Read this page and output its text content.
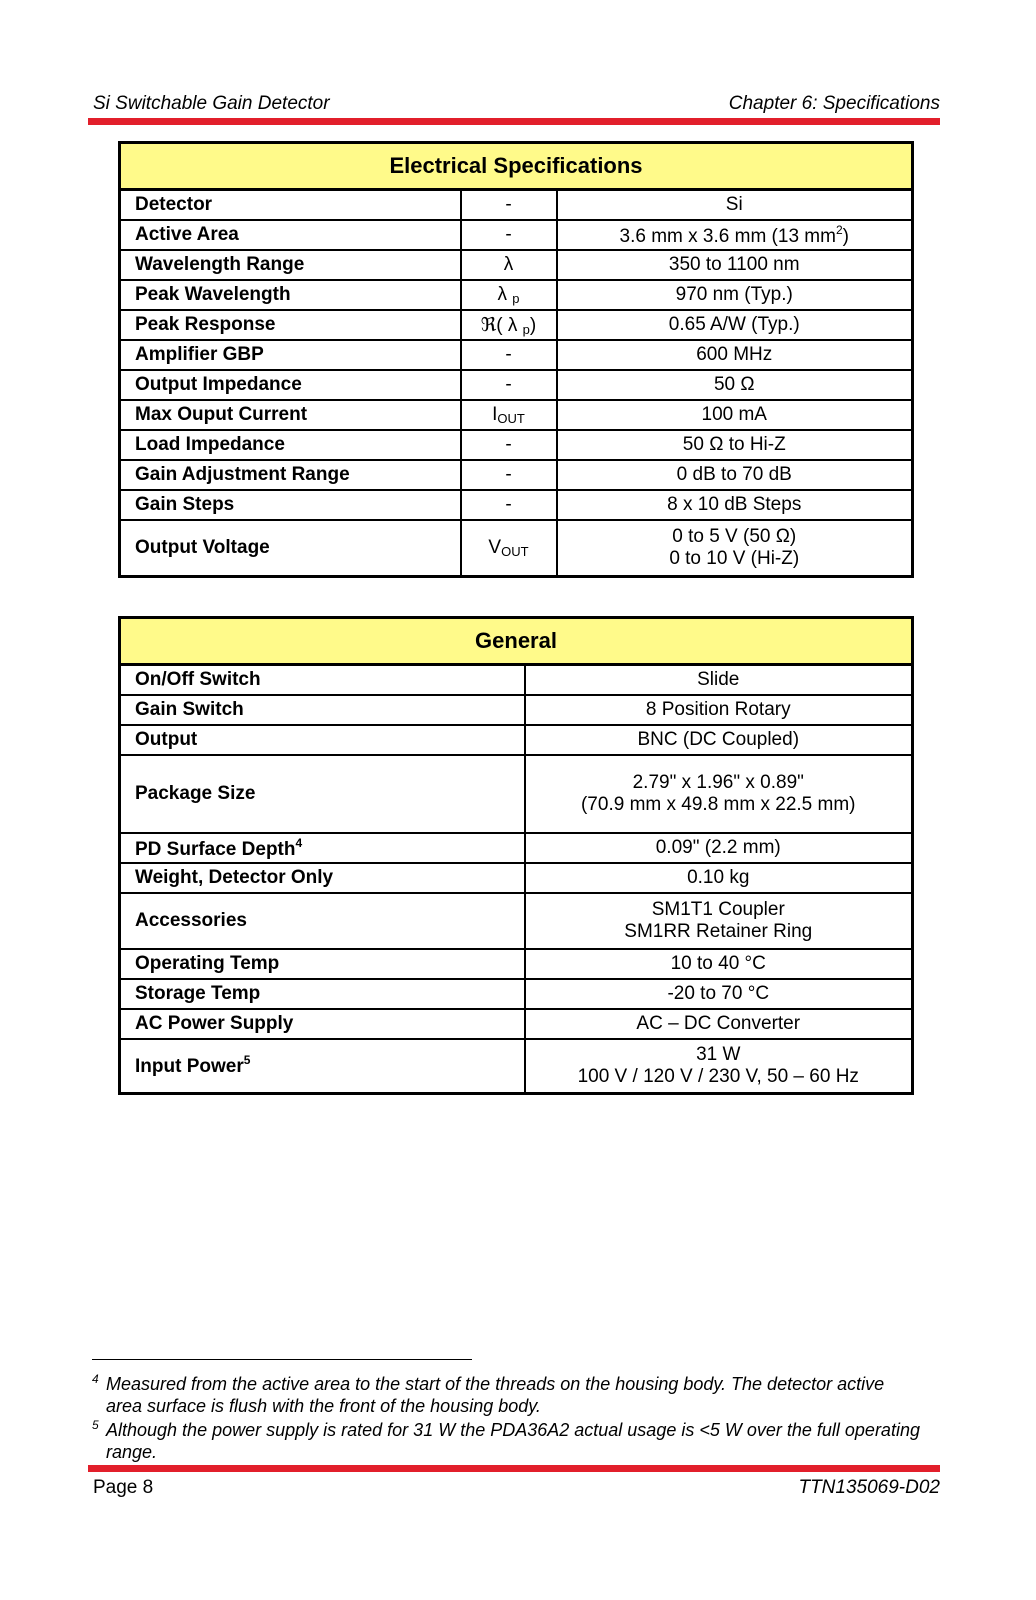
Si Switchable Gain Detector	Chapter 6: Specifications
Electrical Specifications		
Detector	-	Si
Active Area	-	3.6 mm x 3.6 mm (13 $mm^2$)
Wavelength Range	λ	350 to 1100 nm
Peak Wavelength	λ $_p$	970 nm (Typ.)
Peak Response	ℜ( λ $_p$)	0.65 A/W (Typ.)
Amplifier GBP	-	600 MHz
Output Impedance	-	50 Ω
Max Ouput Current	$I_{OUT}$	100 mA
Load Impedance	-	50 Ω to Hi-Z
Gain Adjustment Range	-	0 dB to 70 dB
Gain Steps	-	8 x 10 dB Steps
Output Voltage	$V_{OUT}$	0 to 5 V (50 Ω)
0 to 10 V (Hi-Z)
General	
On/Off Switch	Slide
Gain Switch	8 Position Rotary
Output	BNC (DC Coupled)
Package Size	2.79" x 1.96" x 0.89"
(70.9 mm x 49.8 mm x 22.5 mm)

PD Surface Depth$^4$	0.09" (2.2 mm)
Weight, Detector Only	0.10 kg
Accessories	SM1T1 Coupler
SM1RR Retainer Ring

Operating Temp	10 to 40 °C
Storage Temp	-20 to 70 °C
AC Power Supply	AC – DC Converter
Input Power$^5$	31 W
100 V / 120 V / 230 V, 50 – 60 Hz
$^4$ Measured from the active area to the start of the threads on the housing body. The detector active area surface is flush with the front of the housing body.
$^5$ Although the power supply is rated for 31 W the PDA36A2 actual usage is <5 W over the full operating range.
Page 8	TTN135069-D02
